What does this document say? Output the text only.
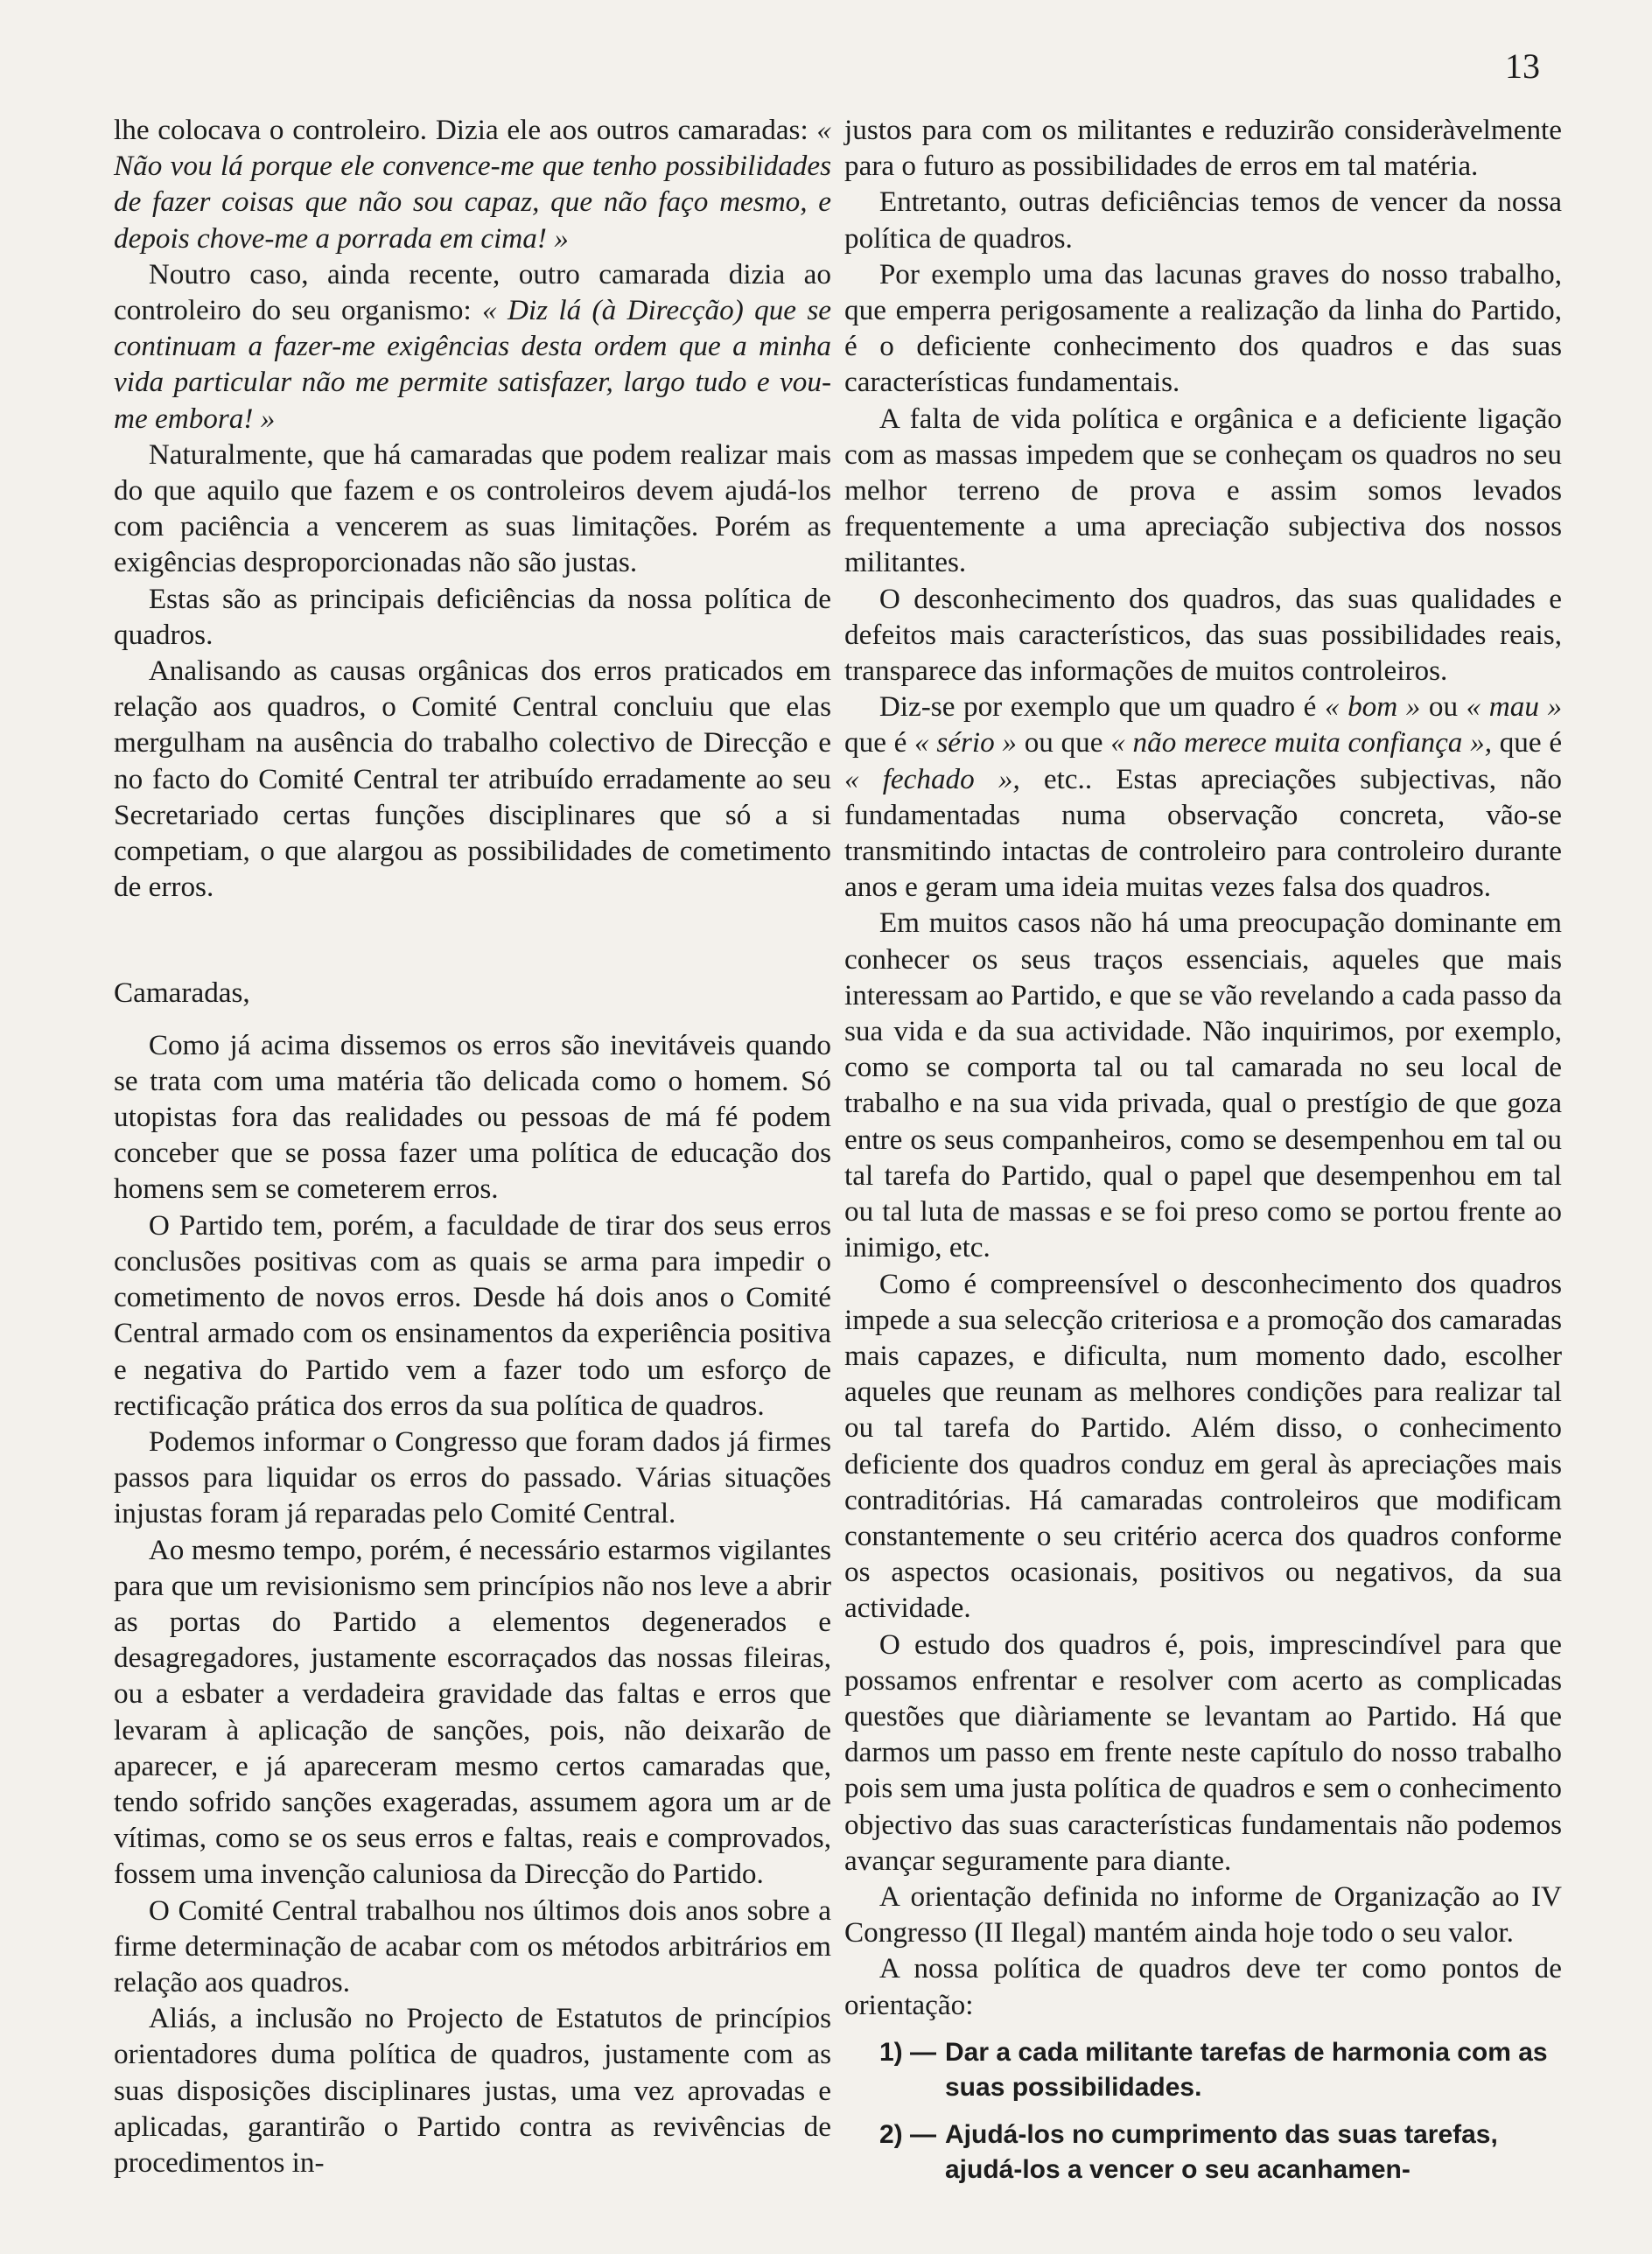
13

lhe colocava o controleiro. Dizia ele aos outros camaradas: « Não vou lá porque ele convence-me que tenho possibilidades de fazer coisas que não sou capaz, que não faço mesmo, e depois chove-me a porrada em cima! »

Noutro caso, ainda recente, outro camarada dizia ao controleiro do seu organismo: « Diz lá (à Direcção) que se continuam a fazer-me exigências desta ordem que a minha vida particular não me permite satisfazer, largo tudo e vou-me embora! »

Naturalmente, que há camaradas que podem realizar mais do que aquilo que fazem e os controleiros devem ajudá-los com paciência a vencerem as suas limitações. Porém as exigências desproporcionadas não são justas.

Estas são as principais deficiências da nossa política de quadros.

Analisando as causas orgânicas dos erros praticados em relação aos quadros, o Comité Central concluiu que elas mergulham na ausência do trabalho colectivo de Direcção e no facto do Comité Central ter atribuído erradamente ao seu Secretariado certas funções disciplinares que só a si competiam, o que alargou as possibilidades de cometimento de erros.

Camaradas,

Como já acima dissemos os erros são inevitáveis quando se trata com uma matéria tão delicada como o homem. Só utopistas fora das realidades ou pessoas de má fé podem conceber que se possa fazer uma política de educação dos homens sem se cometerem erros.

O Partido tem, porém, a faculdade de tirar dos seus erros conclusões positivas com as quais se arma para impedir o cometimento de novos erros. Desde há dois anos o Comité Central armado com os ensinamentos da experiência positiva e negativa do Partido vem a fazer todo um esforço de rectificação prática dos erros da sua política de quadros.

Podemos informar o Congresso que foram dados já firmes passos para liquidar os erros do passado. Várias situações injustas foram já reparadas pelo Comité Central.

Ao mesmo tempo, porém, é necessário estarmos vigilantes para que um revisionismo sem princípios não nos leve a abrir as portas do Partido a elementos degenerados e desagregadores, justamente escorraçados das nossas fileiras, ou a esbater a verdadeira gravidade das faltas e erros que levaram à aplicação de sanções, pois, não deixarão de aparecer, e já apareceram mesmo certos camaradas que, tendo sofrido sanções exageradas, assumem agora um ar de vítimas, como se os seus erros e faltas, reais e comprovados, fossem uma invenção caluniosa da Direcção do Partido.

O Comité Central trabalhou nos últimos dois anos sobre a firme determinação de acabar com os métodos arbitrários em relação aos quadros.

Aliás, a inclusão no Projecto de Estatutos de princípios orientadores duma política de quadros, justamente com as suas disposições disciplinares justas, uma vez aprovadas e aplicadas, garantirão o Partido contra as revivências de procedimentos in-

justos para com os militantes e reduzirão consideràvelmente para o futuro as possibilidades de erros em tal matéria.

Entretanto, outras deficiências temos de vencer da nossa política de quadros.

Por exemplo uma das lacunas graves do nosso trabalho, que emperra perigosamente a realização da linha do Partido, é o deficiente conhecimento dos quadros e das suas características fundamentais.

A falta de vida política e orgânica e a deficiente ligação com as massas impedem que se conheçam os quadros no seu melhor terreno de prova e assim somos levados frequentemente a uma apreciação subjectiva dos nossos militantes.

O desconhecimento dos quadros, das suas qualidades e defeitos mais característicos, das suas possibilidades reais, transparece das informações de muitos controleiros.

Diz-se por exemplo que um quadro é « bom » ou « mau » que é « sério » ou que « não merece muita confiança », que é « fechado », etc.. Estas apreciações subjectivas, não fundamentadas numa observação concreta, vão-se transmitindo intactas de controleiro para controleiro durante anos e geram uma ideia muitas vezes falsa dos quadros.

Em muitos casos não há uma preocupação dominante em conhecer os seus traços essenciais, aqueles que mais interessam ao Partido, e que se vão revelando a cada passo da sua vida e da sua actividade. Não inquirimos, por exemplo, como se comporta tal ou tal camarada no seu local de trabalho e na sua vida privada, qual o prestígio de que goza entre os seus companheiros, como se desempenhou em tal ou tal tarefa do Partido, qual o papel que desempenhou em tal ou tal luta de massas e se foi preso como se portou frente ao inimigo, etc.

Como é compreensível o desconhecimento dos quadros impede a sua selecção criteriosa e a promoção dos camaradas mais capazes, e dificulta, num momento dado, escolher aqueles que reunam as melhores condições para realizar tal ou tal tarefa do Partido. Além disso, o conhecimento deficiente dos quadros conduz em geral às apreciações mais contraditórias. Há camaradas controleiros que modificam constantemente o seu critério acerca dos quadros conforme os aspectos ocasionais, positivos ou negativos, da sua actividade.

O estudo dos quadros é, pois, imprescindível para que possamos enfrentar e resolver com acerto as complicadas questões que diàriamente se levantam ao Partido. Há que darmos um passo em frente neste capítulo do nosso trabalho pois sem uma justa política de quadros e sem o conhecimento objectivo das suas características fundamentais não podemos avançar seguramente para diante.

A orientação definida no informe de Organização ao IV Congresso (II Ilegal) mantém ainda hoje todo o seu valor.

A nossa política de quadros deve ter como pontos de orientação:

1) — Dar a cada militante tarefas de harmonia com as suas possibilidades.
2) — Ajudá-los no cumprimento das suas tarefas, ajudá-los a vencer o seu acanhamen-
